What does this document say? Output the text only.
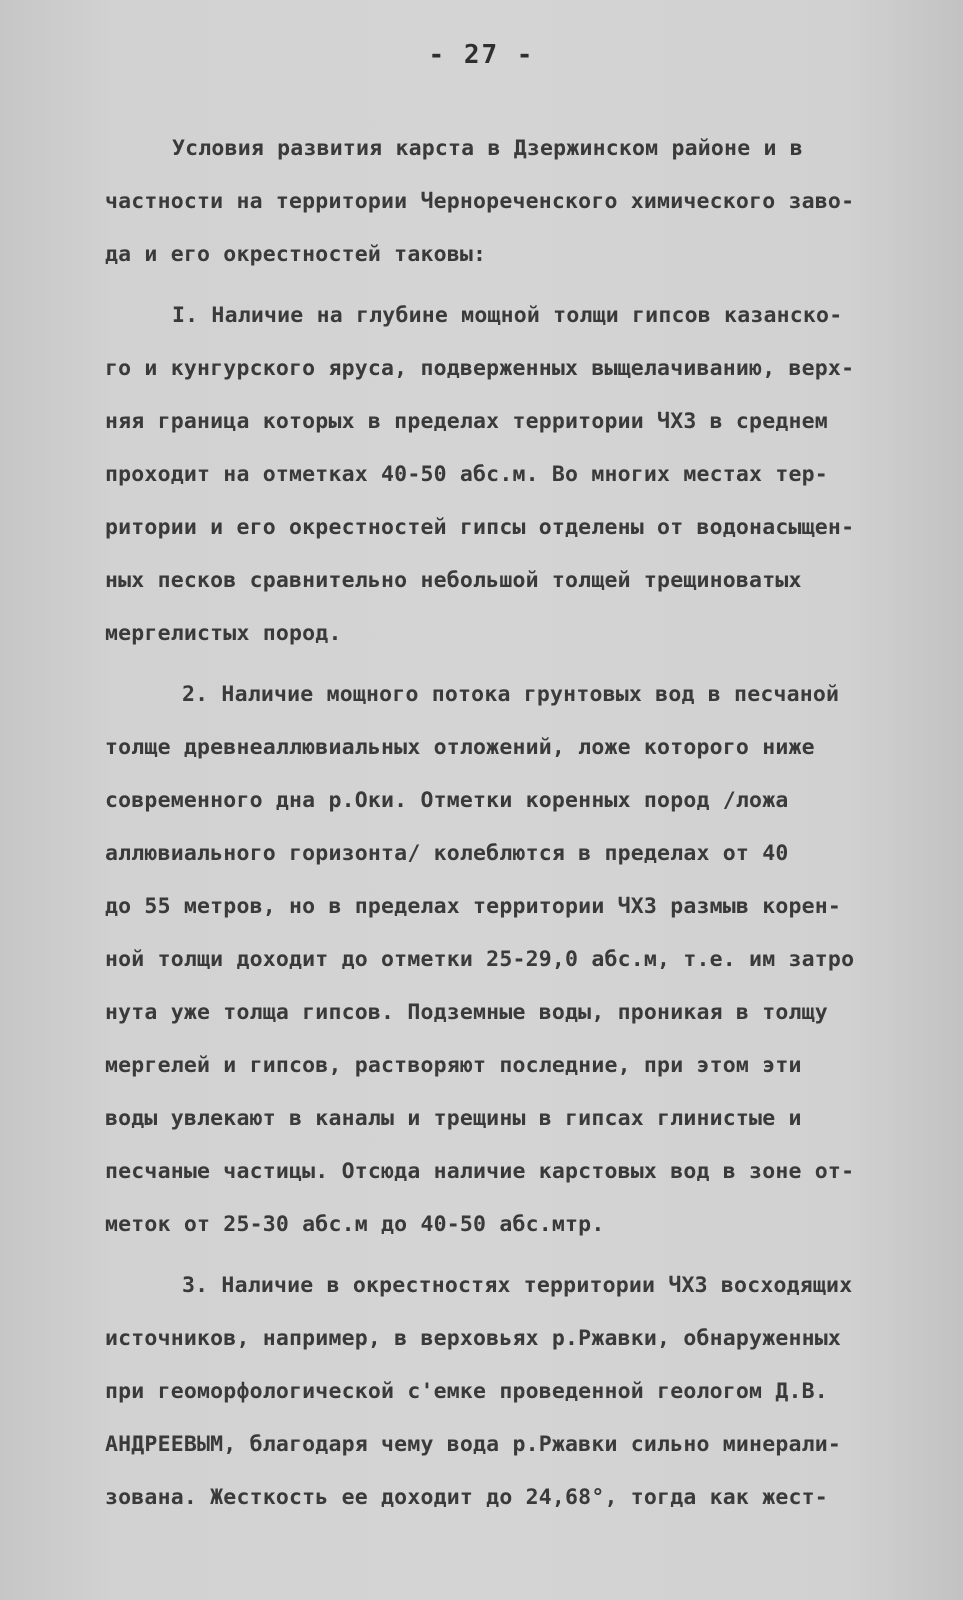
- 27 -
Условия развития карста в Дзержинском районе и в
частности на территории Чернореченского химического заво-
да и его окрестностей таковы:
I. Наличие на глубине мощной толщи гипсов казанско-
го и кунгурского яруса, подверженных выщелачиванию, верх-
няя граница которых в пределах территории ЧХЗ в среднем
проходит на отметках 40-50 абс.м. Во многих местах тер-
ритории и его окрестностей гипсы отделены от водонасыщен-
ных песков сравнительно небольшой толщей трещиноватых
мергелистых пород.
2. Наличие мощного потока грунтовых вод в песчаной
толще древнеаллювиальных отложений, ложе которого ниже
современного дна р.Оки. Отметки коренных пород /ложа
аллювиального горизонта/ колеблются в пределах от 40
до 55 метров, но в пределах территории ЧХЗ размыв корен-
ной толщи доходит до отметки 25-29,0 абс.м, т.е. им затро
нута уже толща гипсов. Подземные воды, проникая в толщу
мергелей и гипсов, растворяют последние, при этом эти
воды увлекают в каналы и трещины в гипсах глинистые и
песчаные частицы. Отсюда наличие карстовых вод в зоне от-
меток от 25-30 абс.м до 40-50 абс.мтр.
3. Наличие в окрестностях территории ЧХЗ восходящих
источников, например, в верховьях р.Ржавки, обнаруженных
при геоморфологической с'емке проведенной геологом Д.В.
АНДРЕЕВЫМ, благодаря чему вода р.Ржавки сильно минерали-
зована. Жесткость ее доходит до 24,68°, тогда как жест-
